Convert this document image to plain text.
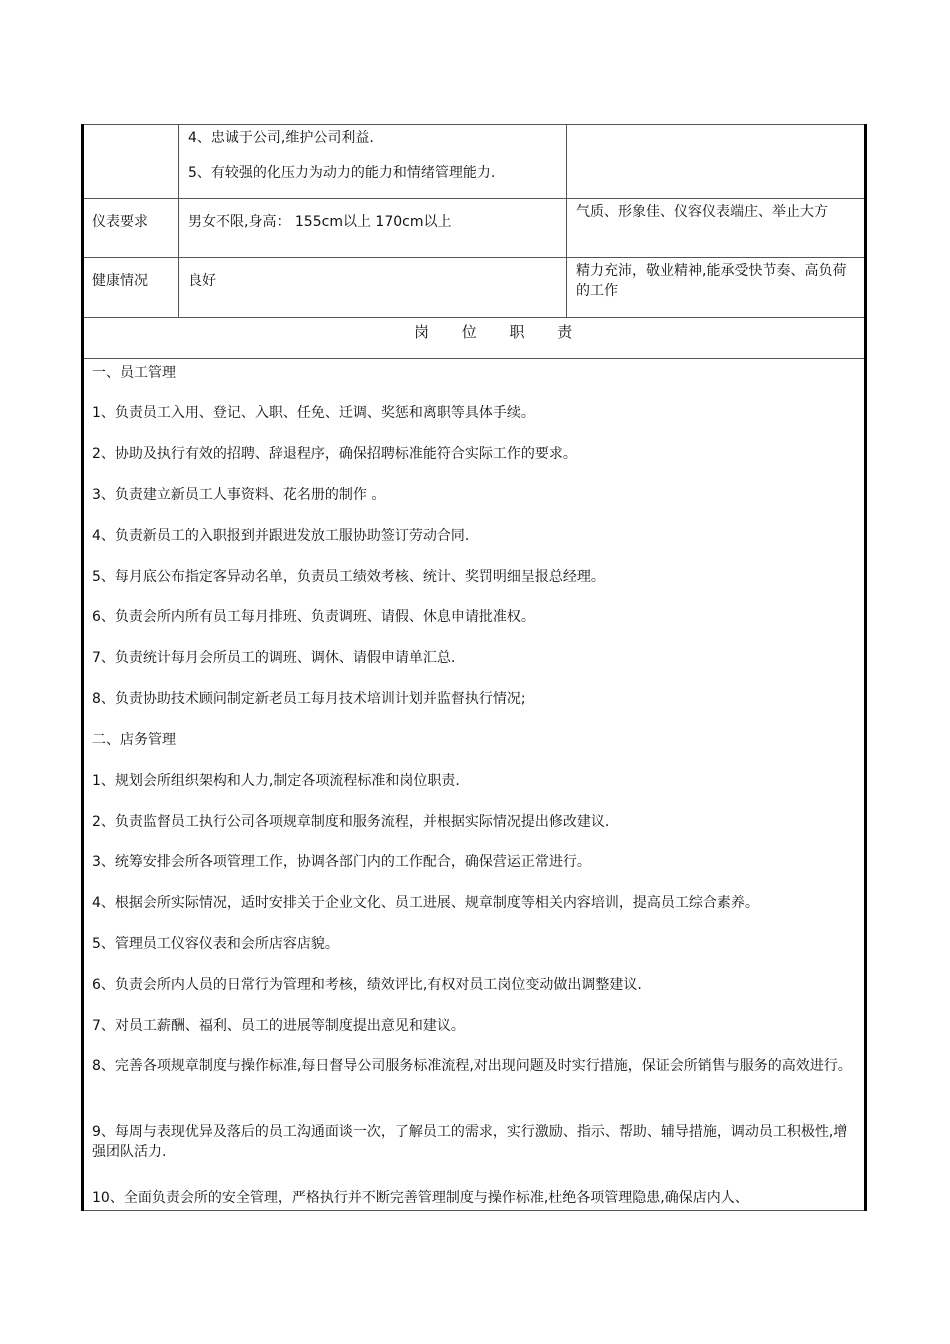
4、忠诚于公司,维护公司利益.
5、有较强的化压力为动力的能力和情绪管理能力.
仪表要求	男女不限,身高： 155cm以上 170cm以上
气质、形象佳、仪容仪表端庄、举止大方
健康情况	良好
精力充沛，敬业精神,能承受快节奏、高负荷的工作
岗 位 职 责
一、员工管理
1、负责员工入用、登记、入职、任免、迁调、奖惩和离职等具体手续。
2、协助及执行有效的招聘、辞退程序，确保招聘标准能符合实际工作的要求。
3、负责建立新员工人事资料、花名册的制作 。
4、负责新员工的入职报到并跟进发放工服协助签订劳动合同.
5、每月底公布指定客异动名单，负责员工绩效考核、统计、奖罚明细呈报总经理。
6、负责会所内所有员工每月排班、负责调班、请假、休息申请批准权。
7、负责统计每月会所员工的调班、调休、请假申请单汇总.
8、负责协助技术顾问制定新老员工每月技术培训计划并监督执行情况;
二、店务管理
1、规划会所组织架构和人力,制定各项流程标准和岗位职责.
2、负责监督员工执行公司各项规章制度和服务流程，并根据实际情况提出修改建议.
3、统筹安排会所各项管理工作，协调各部门内的工作配合，确保营运正常进行。
4、根据会所实际情况，适时安排关于企业文化、员工进展、规章制度等相关内容培训，提高员工综合素养。
5、管理员工仪容仪表和会所店容店貌。
6、负责会所内人员的日常行为管理和考核，绩效评比,有权对员工岗位变动做出调整建议.
7、对员工薪酬、福利、员工的进展等制度提出意见和建议。
8、完善各项规章制度与操作标准,每日督导公司服务标准流程,对出现问题及时实行措施，保证会所销售与服务的高效进行。
9、每周与表现优异及落后的员工沟通面谈一次，了解员工的需求，实行激励、指示、帮助、辅导措施，调动员工积极性,增强团队活力.
10、全面负责会所的安全管理，严格执行并不断完善管理制度与操作标准,杜绝各项管理隐患,确保店内人、
